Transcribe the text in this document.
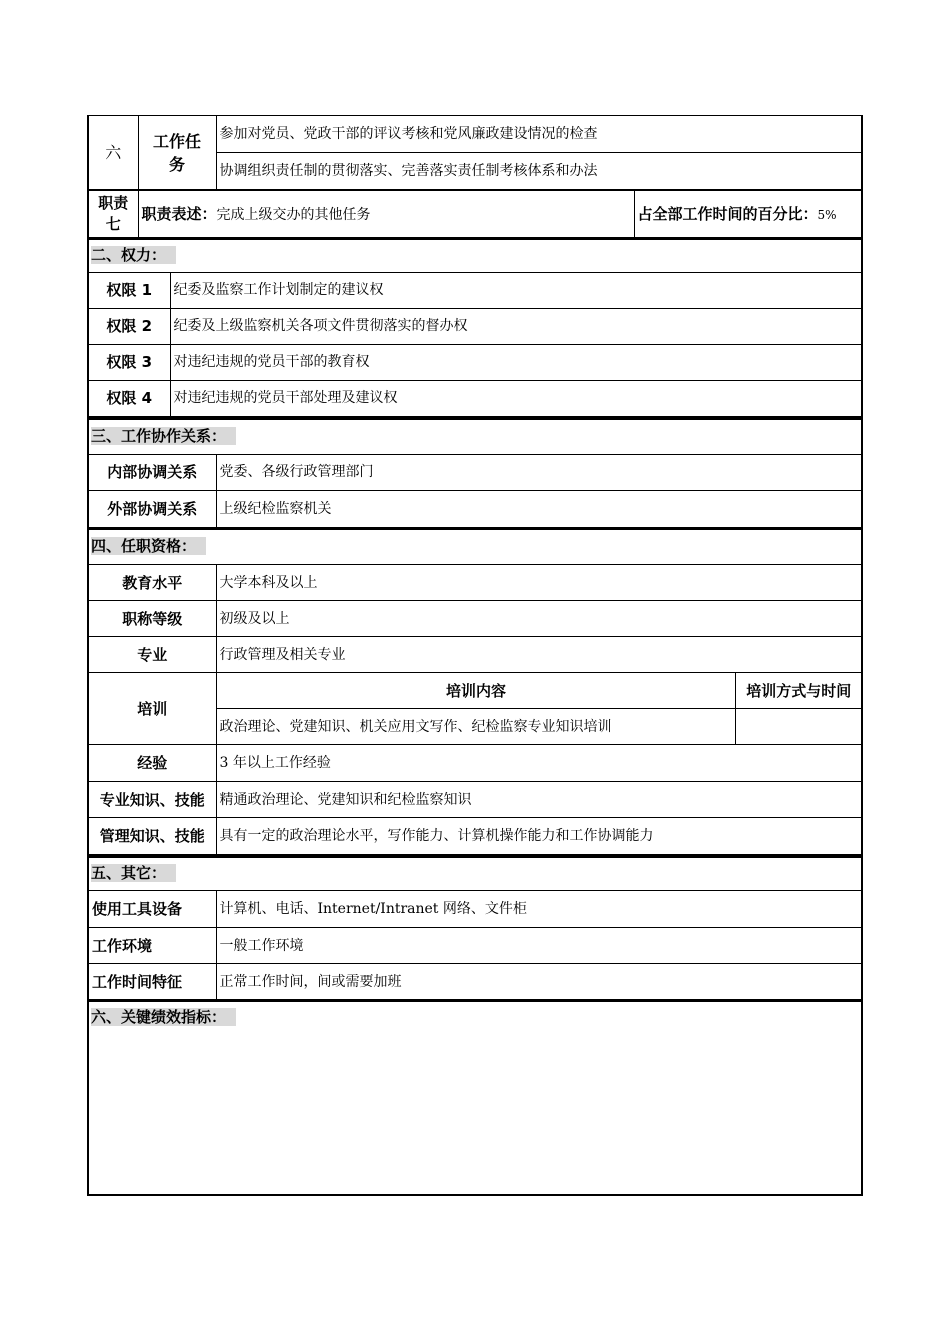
六	工作任务	参加对党员、党政干部的评议考核和党风廉政建设情况的检查
协调组织责任制的贯彻落实、完善落实责任制考核体系和办法
职责七	职责表述：完成上级交办的其他任务	占全部工作时间的百分比：5%
二、权力：	
权限 1	纪委及监察工作计划制定的建议权
权限 2	纪委及上级监察机关各项文件贯彻落实的督办权
权限 3	对违纪违规的党员干部的教育权
权限 4	对违纪违规的党员干部处理及建议权
三、工作协作关系：	
内部协调关系	党委、各级行政管理部门
外部协调关系	上级纪检监察机关
四、任职资格：		
教育水平	大学本科及以上	
职称等级	初级及以上	
专业	行政管理及相关专业	
培训	培训内容	培训方式与时间
	政治理论、党建知识、机关应用文写作、纪检监察专业知识培训	
经验	3 年以上工作经验	
专业知识、技能	精通政治理论、党建知识和纪检监察知识	
管理知识、技能	具有一定的政治理论水平，写作能力、计算机操作能力和工作协调能力	
五、其它：	
使用工具设备	计算机、电话、Internet/Intranet 网络、文件柜
工作环境	一般工作环境
工作时间特征	正常工作时间，间或需要加班
六、关键绩效指标：
